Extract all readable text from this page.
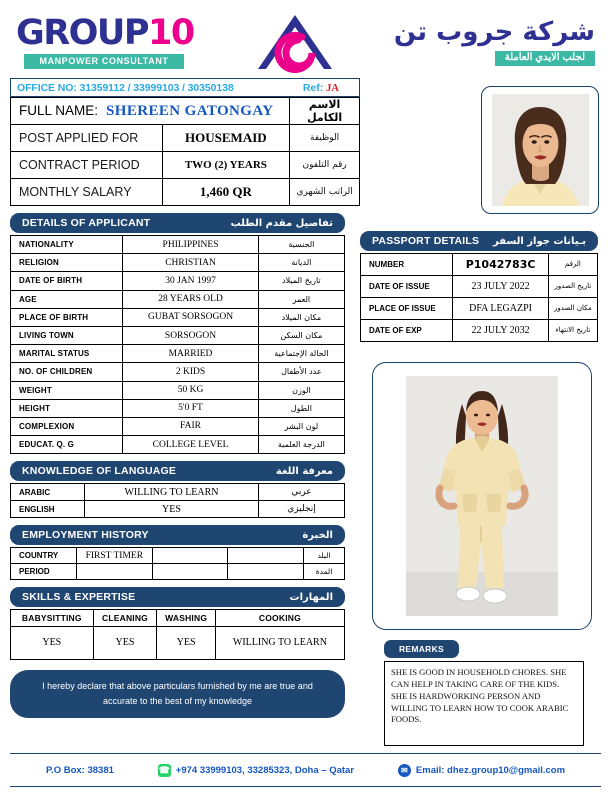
GROUP10
MANPOWER CONSULTANT
شركة جروب تن
لجلب الايدي العاملة
OFFICE NO: 31359112 / 33999103 / 30350138	Ref: JA
FULL NAME: SHEREEN GATONGAY		الاسم الكامل
POST APPLIED FOR	HOUSEMAID	الوظيفة
CONTRACT PERIOD	TWO (2) YEARS	رقم التلفون
MONTHLY SALARY	1,460 QR	الراتب الشهري
DETAILS OF APPLICANT	تفاصيل مقدم الطلب
NATIONALITY	PHILIPPINES	الجنسية
RELIGION	CHRISTIAN	الديانة
DATE OF BIRTH	30 JAN 1997	تاريخ الميلاد
AGE	28 YEARS OLD	العمر
PLACE OF BIRTH	GUBAT SORSOGON	مكان الميلاد
LIVING TOWN	SORSOGON	مكان السكن
MARITAL STATUS	MARRIED	الحالة الإجتماعية
NO. OF CHILDREN	2 KIDS	عدد الأطفال
WEIGHT	50 KG	الوزن
HEIGHT	5'0 FT	الطول
COMPLEXION	FAIR	لون البشر
EDUCAT. Q. G	COLLEGE LEVEL	الدرجة العلمية
PASSPORT DETAILS بـيانات جواز السفر
NUMBER	P1042783C	الرقم
DATE OF ISSUE	23 JULY 2022	تاريخ الصدور
PLACE OF ISSUE	DFA LEGAZPI	مكان الصدور
DATE OF EXP	22 JULY 2032	تاريخ الانتهاء
KNOWLEDGE OF LANGUAGE	معرفة اللغة
ARABIC	WILLING TO LEARN	عربي
ENGLISH	YES	إنجليزي
EMPLOYMENT HISTORY	الخبرة
COUNTRY	FIRST TIMER			البلد
PERIOD				المدة
SKILLS & EXPERTISE	المهارات
BABYSITTING	CLEANING	WASHING	COOKING
YES	YES	YES	WILLING TO LEARN
I hereby declare that above particulars furnished by me are true and accurate to the best of my knowledge
REMARKS
SHE IS GOOD IN HOUSEHOLD CHORES. SHE CAN HELP IN TAKING CARE OF THE KIDS. SHE IS HARDWORKING PERSON AND WILLING TO LEARN HOW TO COOK ARABIC FOODS.
P.O Box: 38381	☎ +974 33999103, 33285323, Doha – Qatar	✉ Email: dhez.group10@gmail.com
